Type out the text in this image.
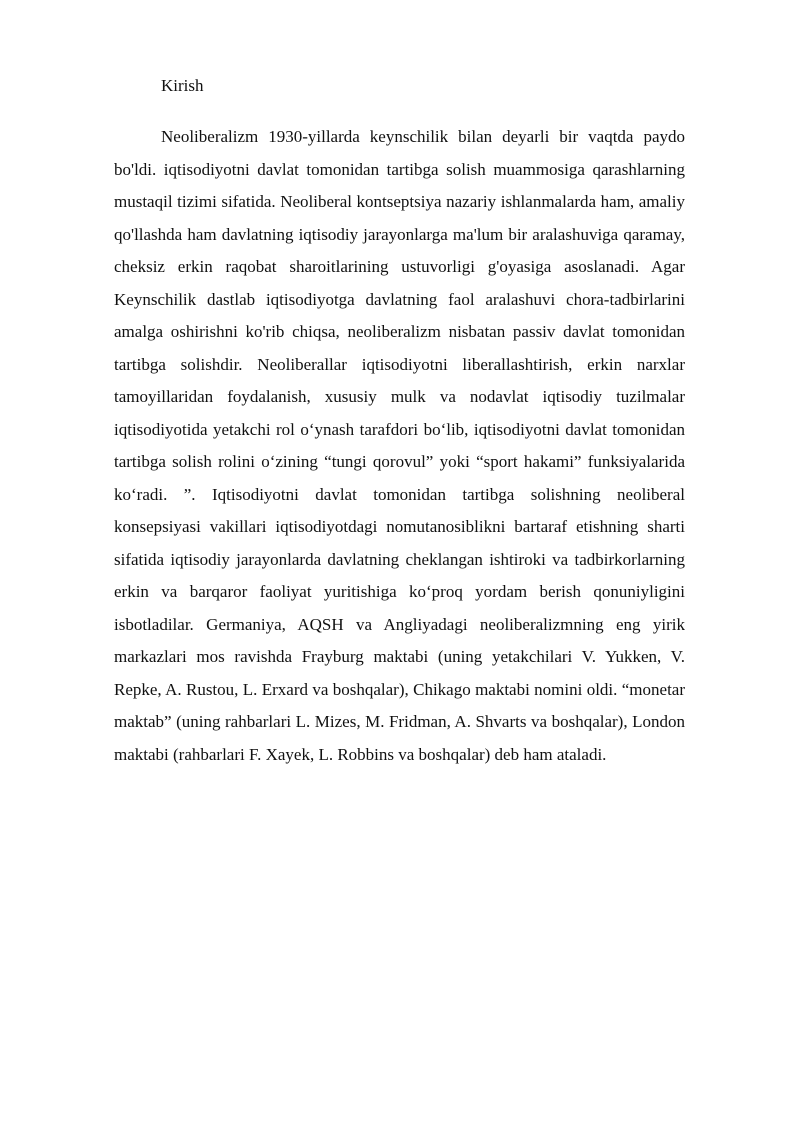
Kirish

Neoliberalizm 1930-yillarda keynschilik bilan deyarli bir vaqtda paydo bo'ldi. iqtisodiyotni davlat tomonidan tartibga solish muammosiga qarashlarning mustaqil tizimi sifatida. Neoliberal kontseptsiya nazariy ishlanmalarda ham, amaliy qo'llashda ham davlatning iqtisodiy jarayonlarga ma'lum bir aralashuviga qaramay, cheksiz erkin raqobat sharoitlarining ustuvorligi g'oyasiga asoslanadi. Agar Keynschilik dastlab iqtisodiyotga davlatning faol aralashuvi chora-tadbirlarini amalga oshirishni ko'rib chiqsa, neoliberalizm nisbatan passiv davlat tomonidan tartibga solishdir. Neoliberallar iqtisodiyotni liberallashtirish, erkin narxlar tamoyillaridan foydalanish, xususiy mulk va nodavlat iqtisodiy tuzilmalar iqtisodiyotida yetakchi rol o‘ynash tarafdori bo‘lib, iqtisodiyotni davlat tomonidan tartibga solish rolini o‘zining “tungi qorovul” yoki “sport hakami” funksiyalarida ko‘radi. ”. Iqtisodiyotni davlat tomonidan tartibga solishning neoliberal konsepsiyasi vakillari iqtisodiyotdagi nomutanosiblikni bartaraf etishning sharti sifatida iqtisodiy jarayonlarda davlatning cheklangan ishtiroki va tadbirkorlarning erkin va barqaror faoliyat yuritishiga ko‘proq yordam berish qonuniyligini isbotladilar. Germaniya, AQSH va Angliyadagi neoliberalizmning eng yirik markazlari mos ravishda Frayburg maktabi (uning yetakchilari V. Yukken, V. Repke, A. Rustou, L. Erxard va boshqalar), Chikago maktabi nomini oldi. “monetar maktab” (uning rahbarlari L. Mizes, M. Fridman, A. Shvarts va boshqalar), London maktabi (rahbarlari F. Xayek, L. Robbins va boshqalar) deb ham ataladi.
